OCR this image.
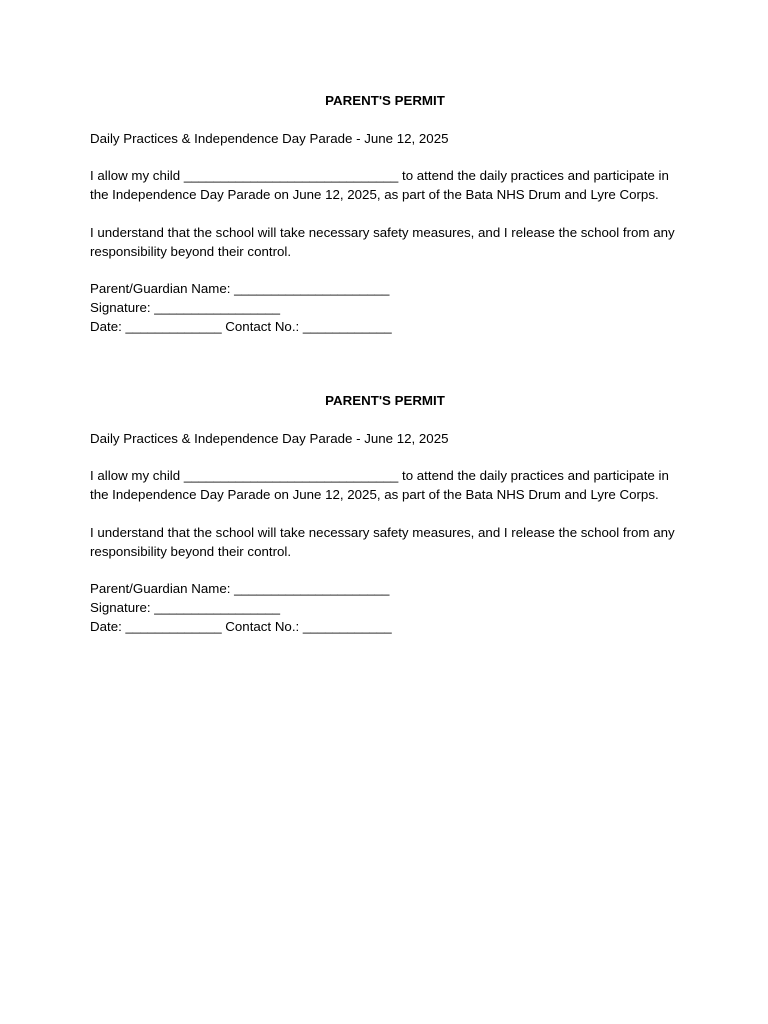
PARENT'S PERMIT

Daily Practices & Independence Day Parade - June 12, 2025

I allow my child _____________________________ to attend the daily practices and participate in the Independence Day Parade on June 12, 2025, as part of the Bata NHS Drum and Lyre Corps.

I understand that the school will take necessary safety measures, and I release the school from any responsibility beyond their control.

Parent/Guardian Name: _____________________
Signature: _________________
Date: _____________ Contact No.: ____________
PARENT'S PERMIT

Daily Practices & Independence Day Parade - June 12, 2025

I allow my child _____________________________ to attend the daily practices and participate in the Independence Day Parade on June 12, 2025, as part of the Bata NHS Drum and Lyre Corps.

I understand that the school will take necessary safety measures, and I release the school from any responsibility beyond their control.

Parent/Guardian Name: _____________________
Signature: _________________
Date: _____________ Contact No.: ____________
